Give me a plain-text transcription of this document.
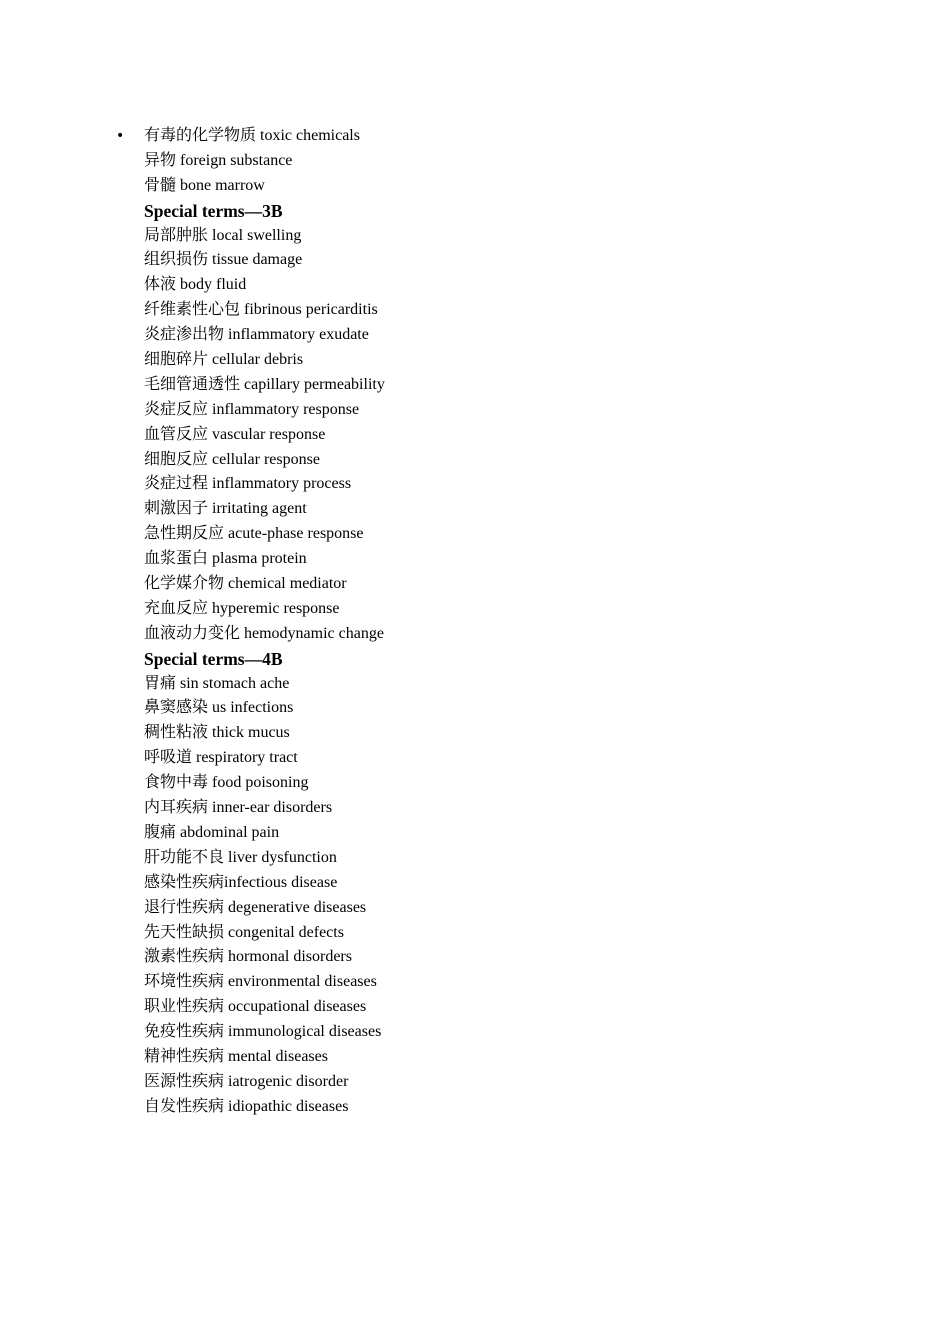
• 有毒的化学物质 toxic chemicals
异物 foreign substance
骨髓 bone marrow
Special terms—3B
局部肿胀 local swelling
组织损伤 tissue damage
体液 body fluid
纤维素性心包 fibrinous pericarditis
炎症渗出物 inflammatory exudate
细胞碎片 cellular debris
毛细管通透性 capillary permeability
炎症反应 inflammatory response
血管反应 vascular response
细胞反应 cellular response
炎症过程 inflammatory process
刺激因子 irritating agent
急性期反应 acute-phase response
血浆蛋白 plasma protein
化学媒介物 chemical mediator
充血反应 hyperemic response
血液动力变化 hemodynamic change
Special terms—4B
胃痛 sin stomach ache
鼻窦感染 us infections
稠性粘液 thick mucus
呼吸道 respiratory tract
食物中毒 food poisoning
内耳疾病 inner-ear disorders
腹痛 abdominal pain
肝功能不良 liver dysfunction
感染性疾病infectious disease
退行性疾病 degenerative diseases
先天性缺损 congenital defects
激素性疾病 hormonal disorders
环境性疾病 environmental diseases
职业性疾病 occupational diseases
免疫性疾病 immunological diseases
精神性疾病 mental diseases
医源性疾病 iatrogenic disorder
自发性疾病 idiopathic diseases
